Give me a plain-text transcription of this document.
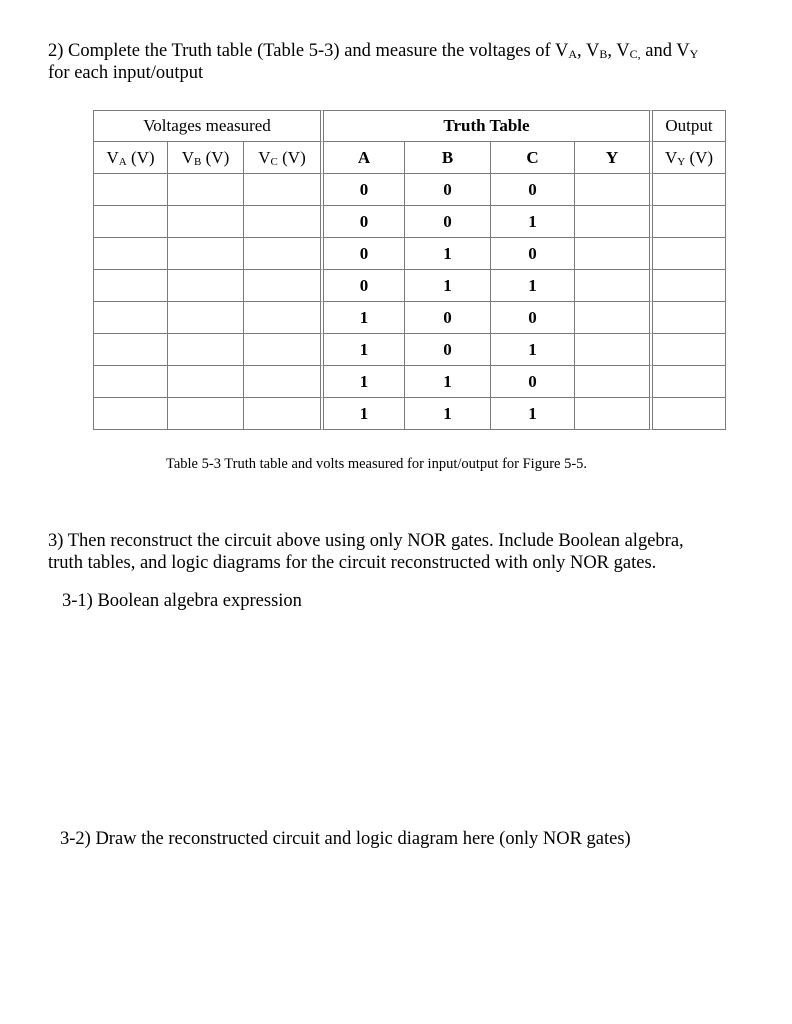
2) Complete the Truth table (Table 5-3) and measure the voltages of $V_A$, $V_B$, $V_{C,}$ and $V_Y$
for each input/output
Voltages measured			Truth Table				Output
$V_A$ (V)	$V_B$ (V)	$V_C$ (V)	A	B	C	Y	$V_Y$ (V)
			0	0	0		
			0	0	1		
			0	1	0		
			0	1	1		
			1	0	0		
			1	0	1		
			1	1	0		
			1	1	1		
Table 5-3 Truth table and volts measured for input/output for Figure 5-5.
3) Then reconstruct the circuit above using only NOR gates. Include Boolean algebra,
truth tables, and logic diagrams for the circuit reconstructed with only NOR gates.
3-1) Boolean algebra expression
3-2) Draw the reconstructed circuit and logic diagram here (only NOR gates)
